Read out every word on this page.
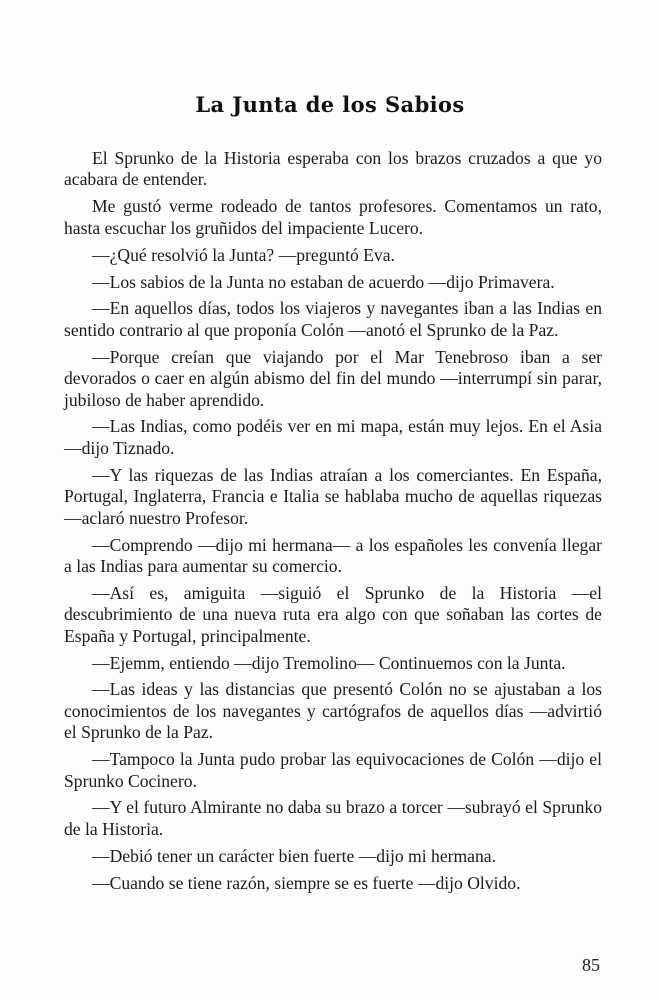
La Junta de los Sabios

El Sprunko de la Historia esperaba con los brazos cruzados a que yo acabara de entender.

Me gustó verme rodeado de tantos profesores. Comentamos un rato, hasta escuchar los gruñidos del impaciente Lucero.

—¿Qué resolvió la Junta? —preguntó Eva.

—Los sabios de la Junta no estaban de acuerdo —dijo Primavera.

—En aquellos días, todos los viajeros y navegantes iban a las Indias en sentido contrario al que proponía Colón —anotó el Sprunko de la Paz.

—Porque creían que viajando por el Mar Tenebroso iban a ser devorados o caer en algún abismo del fin del mundo —interrumpí sin parar, jubiloso de haber aprendido.

—Las Indias, como podéis ver en mi mapa, están muy lejos. En el Asia —dijo Tiznado.

—Y las riquezas de las Indias atraían a los comerciantes. En España, Portugal, Inglaterra, Francia e Italia se hablaba mucho de aquellas riquezas —aclaró nuestro Profesor.

—Comprendo —dijo mi hermana— a los españoles les convenía llegar a las Indias para aumentar su comercio.

—Así es, amiguita —siguió el Sprunko de la Historia —el descubrimiento de una nueva ruta era algo con que soñaban las cortes de España y Portugal, principalmente.

—Ejemm, entiendo —dijo Tremolino— Continuemos con la Junta.

—Las ideas y las distancias que presentó Colón no se ajustaban a los conocimientos de los navegantes y cartógrafos de aquellos días —advirtió el Sprunko de la Paz.

—Tampoco la Junta pudo probar las equivocaciones de Colón —dijo el Sprunko Cocinero.

—Y el futuro Almirante no daba su brazo a torcer —subrayó el Sprunko de la Historia.

—Debió tener un carácter bien fuerte —dijo mi hermana.

—Cuando se tiene razón, siempre se es fuerte —dijo Olvido.

85
